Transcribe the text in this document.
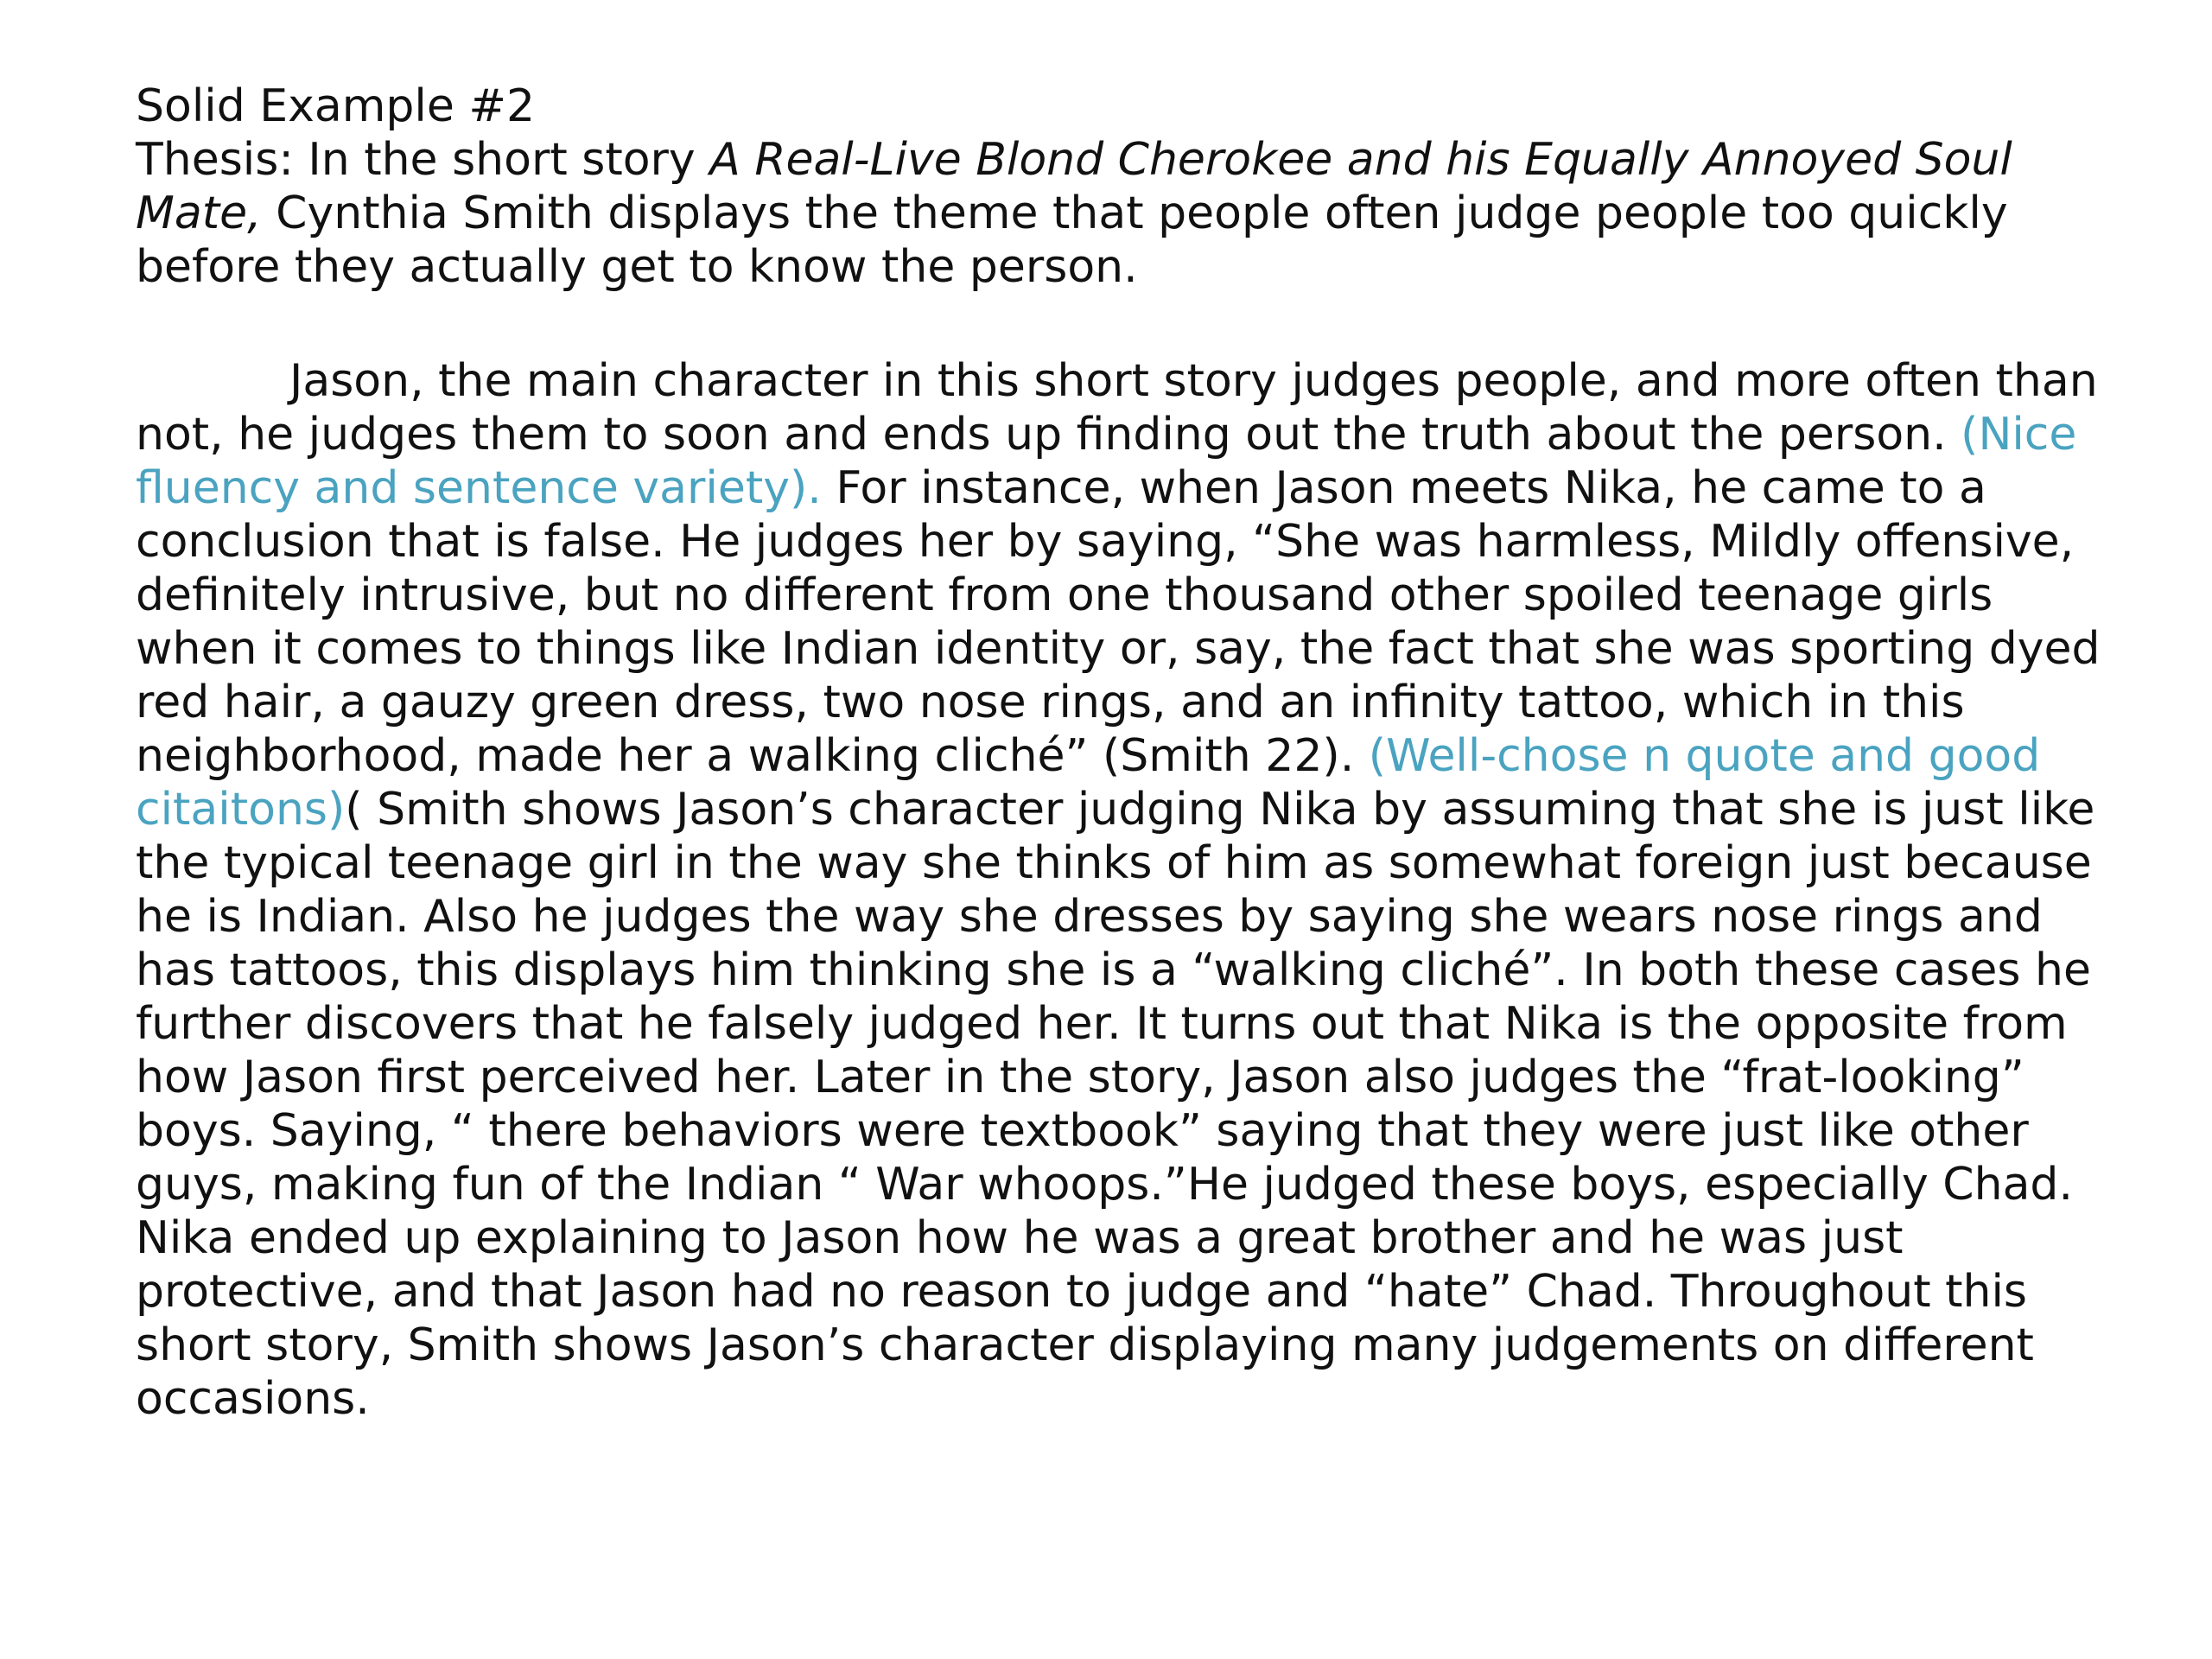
Solid Example #2

Thesis: In the short story A Real-Live Blond Cherokee and his Equally Annoyed Soul Mate, Cynthia Smith displays the theme that people often judge people too quickly before they actually get to know the person.

Jason, the main character in this short story judges people, and more often than not, he judges them to soon and ends up finding out the truth about the person. (Nice fluency and sentence variety). For instance, when Jason meets Nika, he came to a conclusion that is false. He judges her by saying, “She was harmless, Mildly offensive, definitely intrusive, but no different from one thousand other spoiled teenage girls when it comes to things like Indian identity or, say, the fact that she was sporting dyed red hair, a gauzy green dress, two nose rings, and an infinity tattoo, which in this neighborhood, made her a walking cliché” (Smith 22). (Well-chose n quote and good citaitons)( Smith shows Jason’s character judging Nika by assuming that she is just like the typical teenage girl in the way she thinks of him as somewhat foreign just because he is Indian. Also he judges the way she dresses by saying she wears nose rings and has tattoos, this displays him thinking she is a “walking cliché”. In both these cases he further discovers that he falsely judged her. It turns out that Nika is the opposite from how Jason first perceived her. Later in the story, Jason also judges the “frat-looking” boys. Saying, “ there behaviors were textbook” saying that they were just like other guys, making fun of the Indian “ War whoops.”He judged these boys, especially Chad. Nika ended up explaining to Jason how he was a great brother and he was just protective, and that Jason had no reason to judge and “hate” Chad. Throughout this short story, Smith shows Jason’s character displaying many judgements on different occasions.
